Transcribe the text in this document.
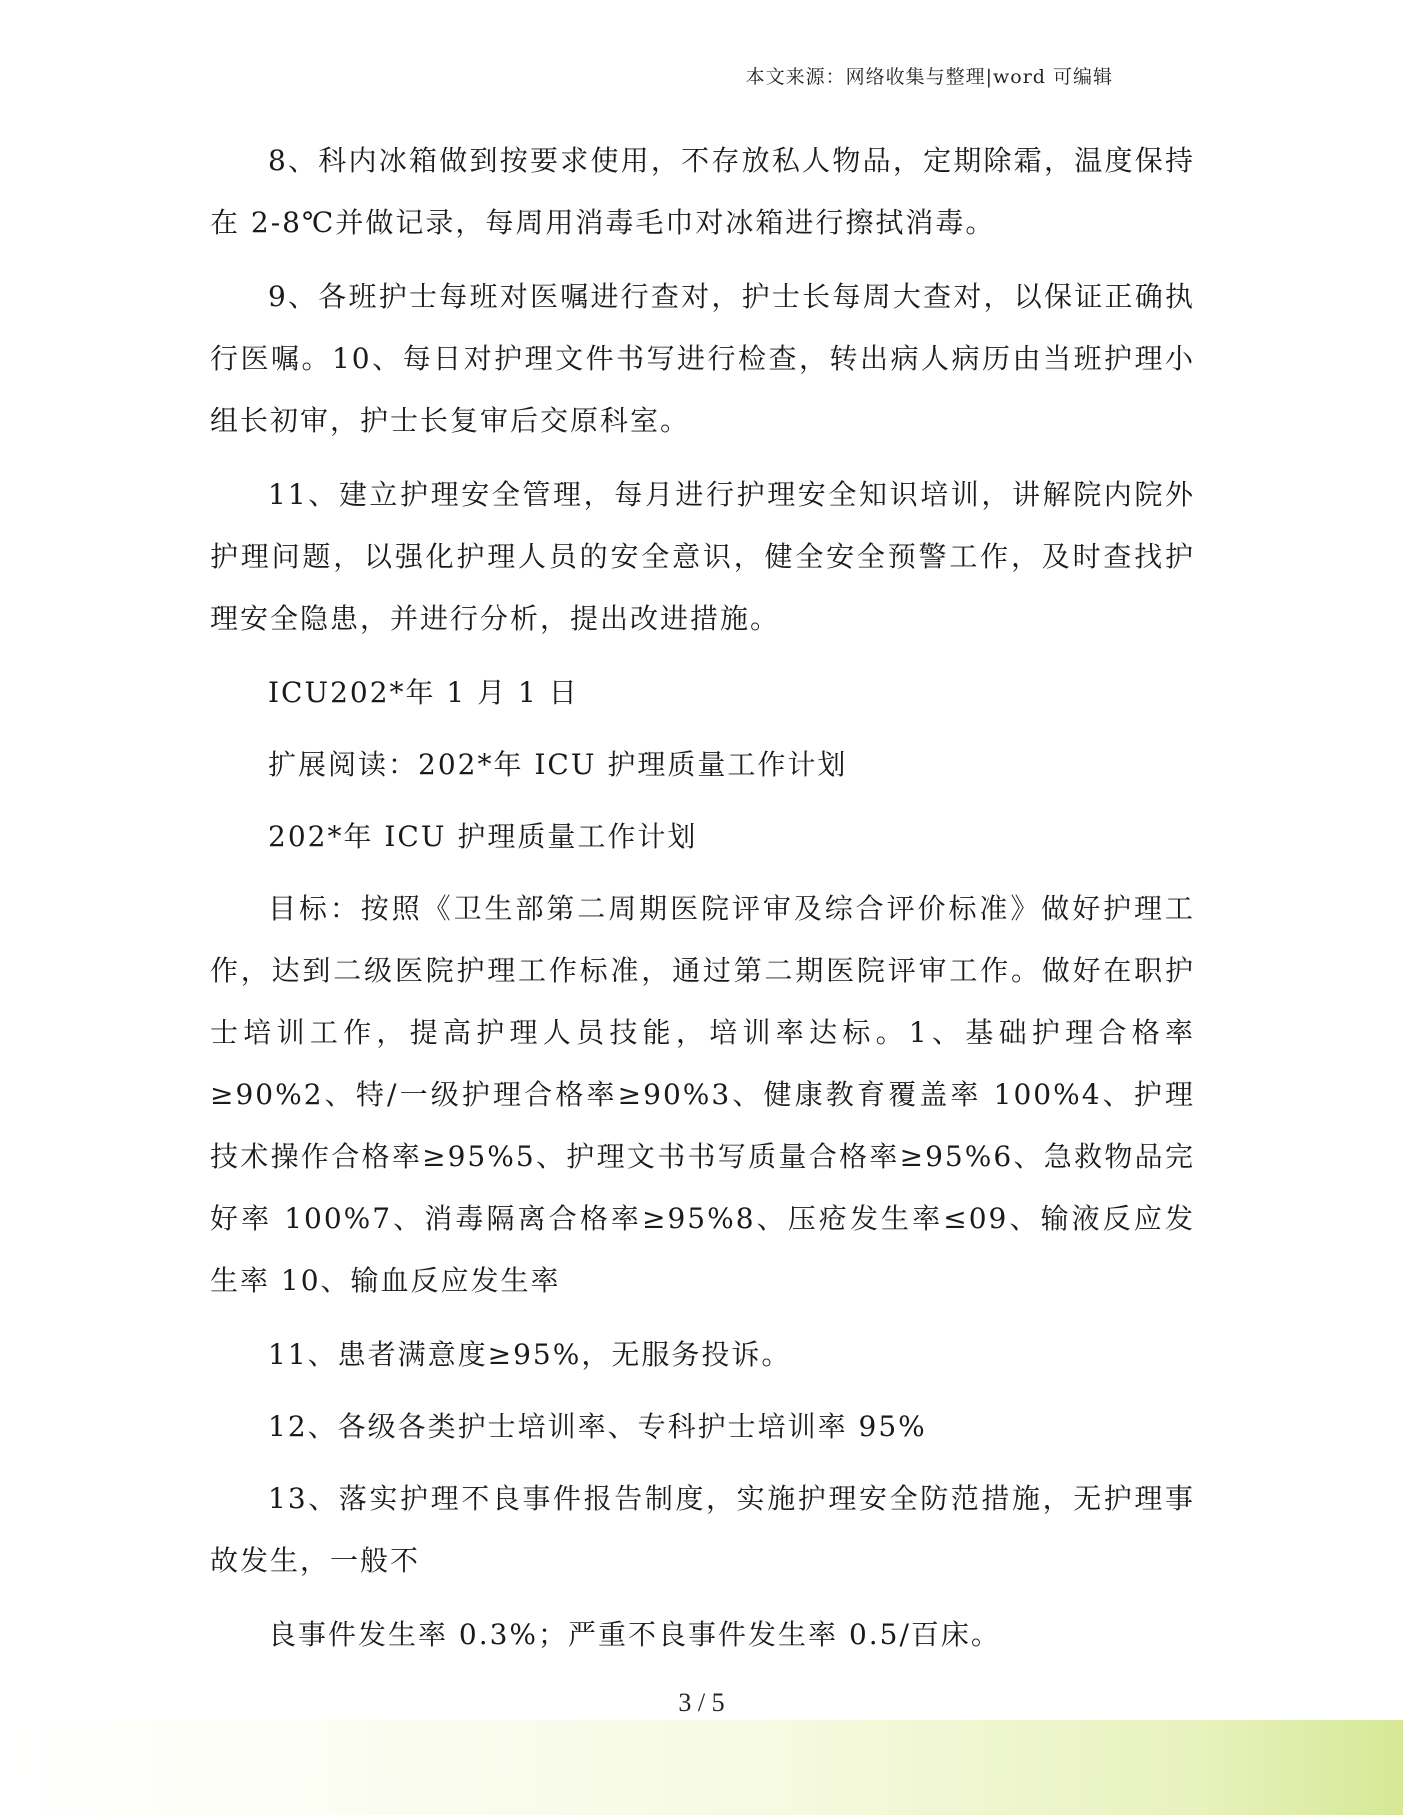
本文来源：网络收集与整理|word 可编辑

8、科内冰箱做到按要求使用，不存放私人物品，定期除霜，温度保持在 2-8℃并做记录，每周用消毒毛巾对冰箱进行擦拭消毒。

9、各班护士每班对医嘱进行查对，护士长每周大查对，以保证正确执行医嘱。10、每日对护理文件书写进行检查，转出病人病历由当班护理小组长初审，护士长复审后交原科室。

11、建立护理安全管理，每月进行护理安全知识培训，讲解院内院外护理问题，以强化护理人员的安全意识，健全安全预警工作，及时查找护理安全隐患，并进行分析，提出改进措施。

ICU202*年 1 月 1 日

扩展阅读：202*年 ICU 护理质量工作计划

202*年 ICU 护理质量工作计划

目标：按照《卫生部第二周期医院评审及综合评价标准》做好护理工作，达到二级医院护理工作标准，通过第二期医院评审工作。做好在职护士培训工作，提高护理人员技能，培训率达标。1、基础护理合格率≥90%2、特/一级护理合格率≥90%3、健康教育覆盖率 100%4、护理技术操作合格率≥95%5、护理文书书写质量合格率≥95%6、急救物品完好率 100%7、消毒隔离合格率≥95%8、压疮发生率≤09、输液反应发生率 10、输血反应发生率

11、患者满意度≥95%，无服务投诉。

12、各级各类护士培训率、专科护士培训率 95%

13、落实护理不良事件报告制度，实施护理安全防范措施，无护理事故发生，一般不

良事件发生率 0.3%；严重不良事件发生率 0.5/百床。

3 / 5
